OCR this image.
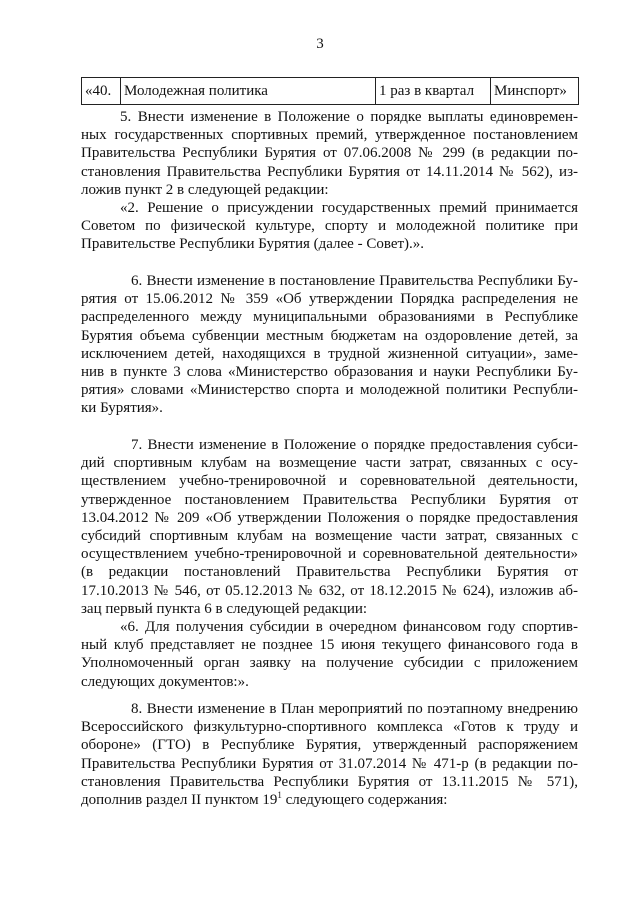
3
«40.	Молодежная политика	1 раз в квартал	Минспорт»

5. Внести изменение в Положение о порядке выплаты единовремен-

ных государственных спортивных премий, утвержденное постановлением

Правительства Республики Бурятия от 07.06.2008 № 299 (в редакции по-

становления Правительства Республики Бурятия от 14.11.2014 № 562), из-

ложив пункт 2 в следующей редакции:

«2. Решение о присуждении государственных премий принимается

Советом по физической культуре, спорту и молодежной политике при

Правительстве Республики Бурятия (далее - Совет).».

6. Внести изменение в постановление Правительства Республики Бу-

рятия от 15.06.2012 № 359 «Об утверждении Порядка распределения не

распределенного между муниципальными образованиями в Республике

Бурятия объема субвенции местным бюджетам на оздоровление детей, за

исключением детей, находящихся в трудной жизненной ситуации», заме-

нив в пункте 3 слова «Министерство образования и науки Республики Бу-

рятия» словами «Министерство спорта и молодежной политики Республи-

ки Бурятия».

7. Внести изменение в Положение о порядке предоставления субси-

дий спортивным клубам на возмещение части затрат, связанных с осу-

ществлением учебно-тренировочной и соревновательной деятельности,

утвержденное постановлением Правительства Республики Бурятия от

13.04.2012 № 209 «Об утверждении Положения о порядке предоставления

субсидий спортивным клубам на возмещение части затрат, связанных с

осуществлением учебно-тренировочной и соревновательной деятельности»

(в редакции постановлений Правительства Республики Бурятия от

17.10.2013 № 546, от 05.12.2013 № 632, от 18.12.2015 № 624), изложив аб-

зац первый пункта 6 в следующей редакции:

«6. Для получения субсидии в очередном финансовом году спортив-

ный клуб представляет не позднее 15 июня текущего финансового года в

Уполномоченный орган заявку на получение субсидии с приложением

следующих документов:».

8. Внести изменение в План мероприятий по поэтапному внедрению

Всероссийского физкультурно-спортивного комплекса «Готов к труду и

обороне» (ГТО) в Республике Бурятия, утвержденный распоряжением

Правительства Республики Бурятия от 31.07.2014 № 471-р (в редакции по-

становления Правительства Республики Бурятия от 13.11.2015 № 571),

дополнив раздел II пунктом $19^1$ следующего содержания:
